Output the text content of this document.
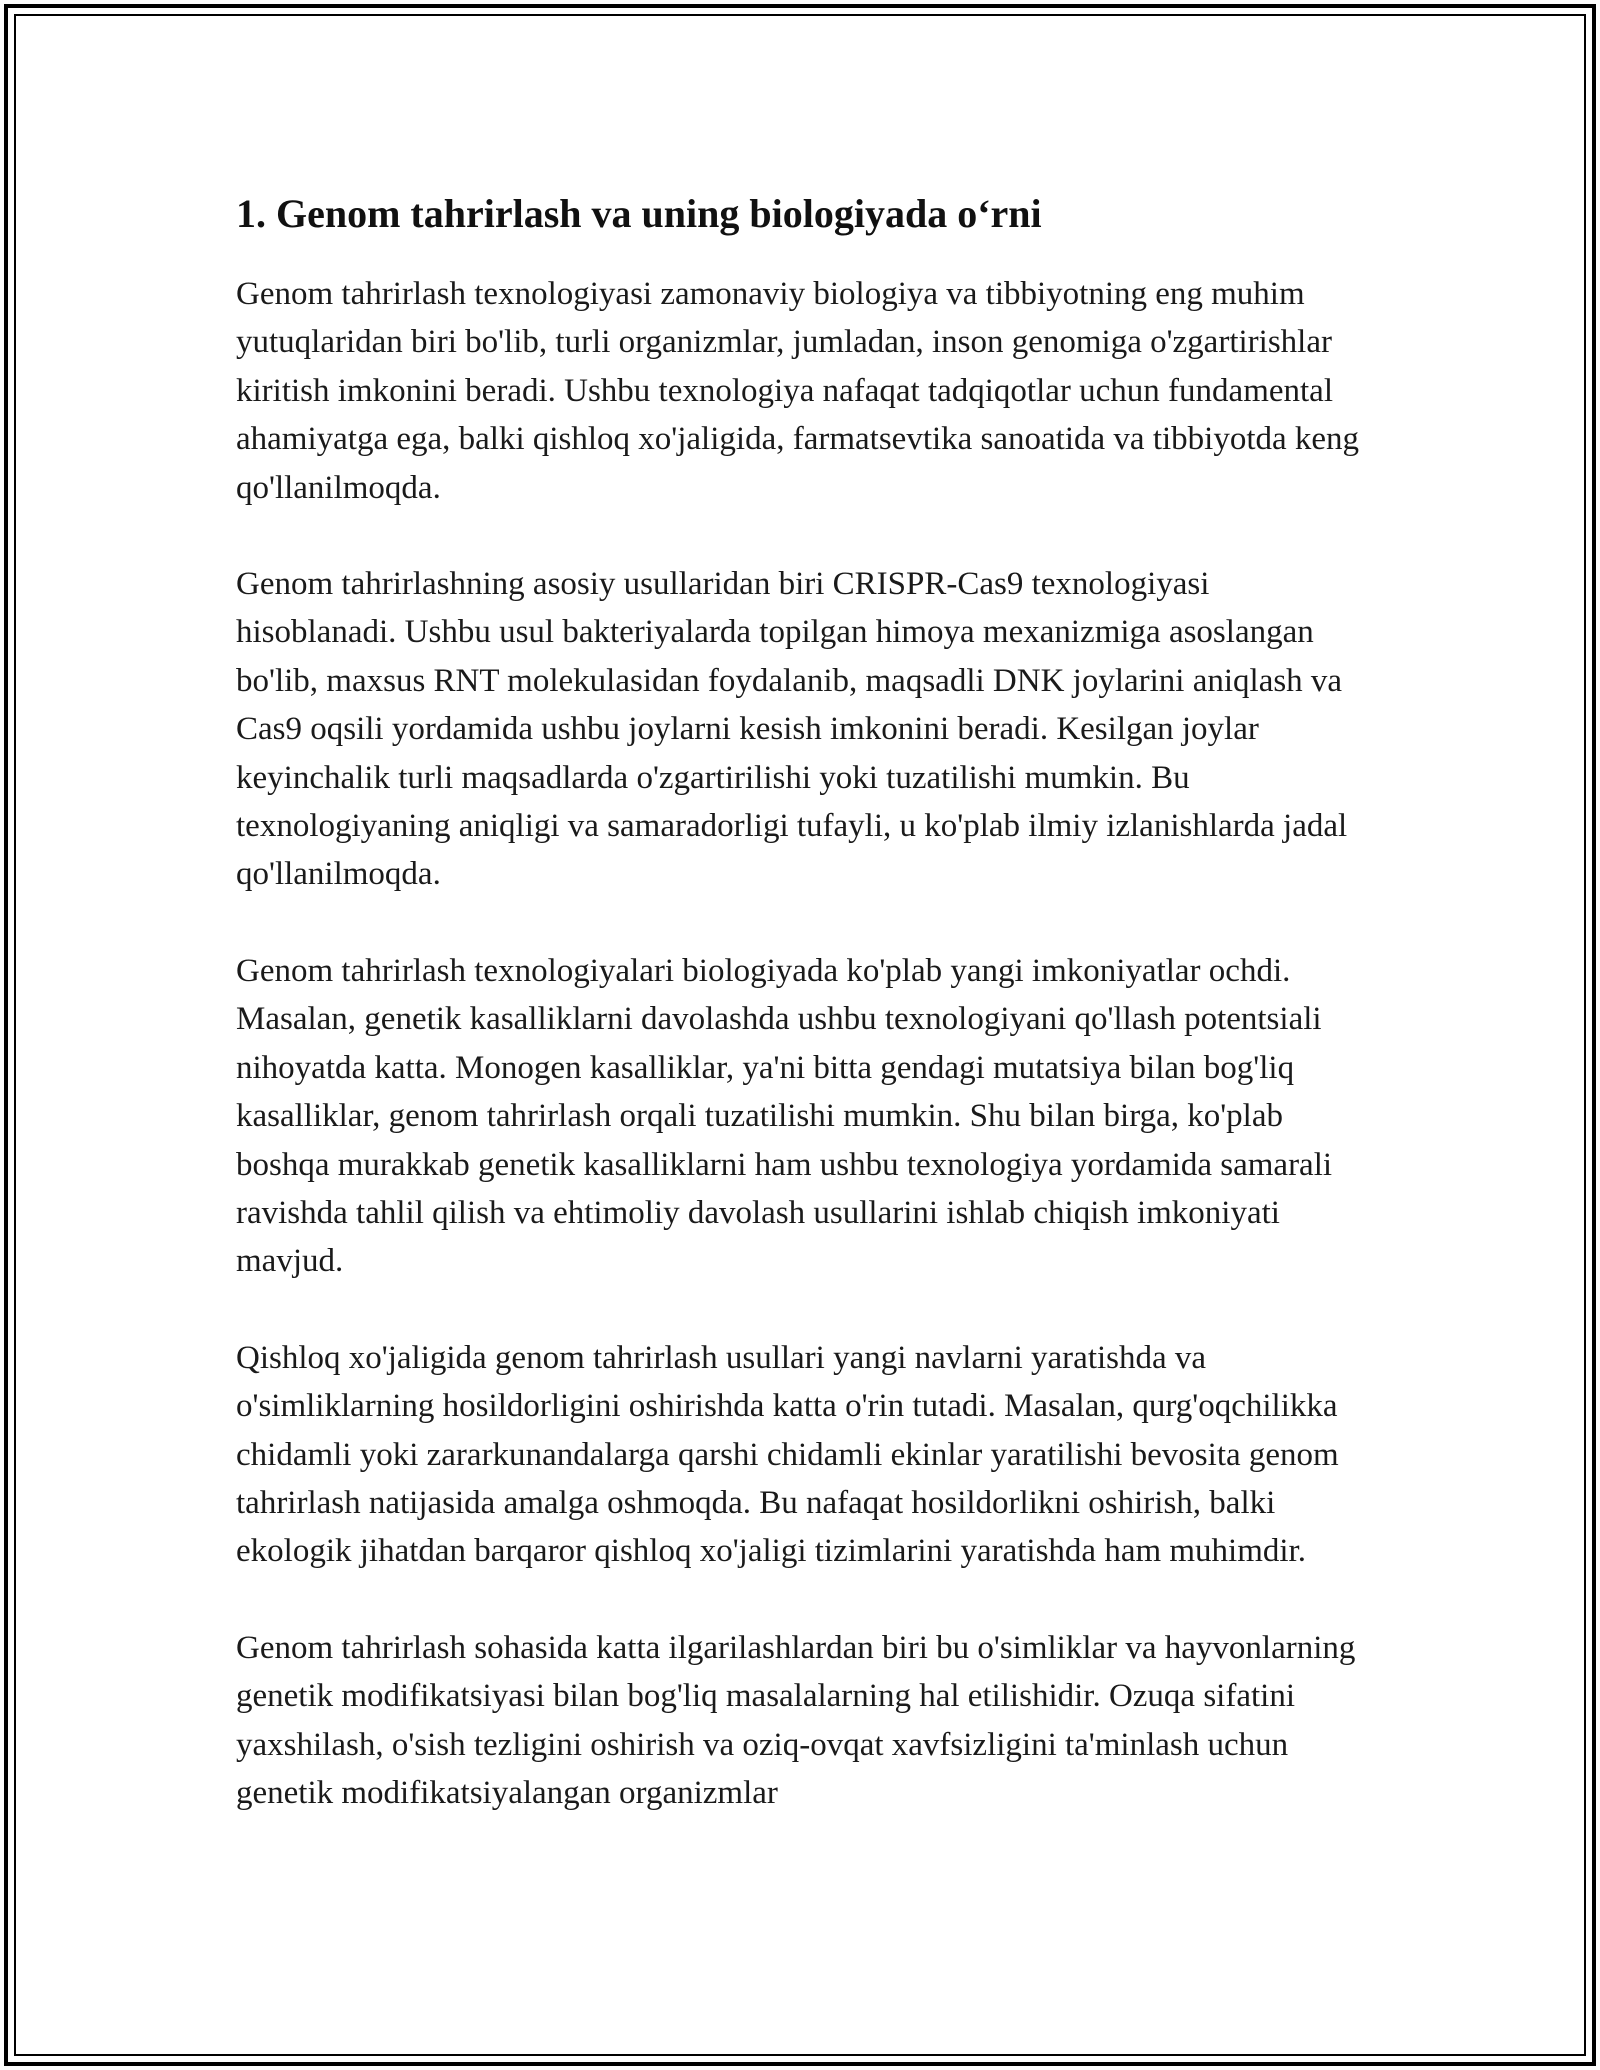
1. Genom tahrirlash va uning biologiyada o‘rni

Genom tahrirlash texnologiyasi zamonaviy biologiya va tibbiyotning eng muhim yutuqlaridan biri bo'lib, turli organizmlar, jumladan, inson genomiga o'zgartirishlar kiritish imkonini beradi. Ushbu texnologiya nafaqat tadqiqotlar uchun fundamental ahamiyatga ega, balki qishloq xo'jaligida, farmatsevtika sanoatida va tibbiyotda keng qo'llanilmoqda.

Genom tahrirlashning asosiy usullaridan biri CRISPR-Cas9 texnologiyasi hisoblanadi. Ushbu usul bakteriyalarda topilgan himoya mexanizmiga asoslangan bo'lib, maxsus RNT molekulasidan foydalanib, maqsadli DNK joylarini aniqlash va Cas9 oqsili yordamida ushbu joylarni kesish imkonini beradi. Kesilgan joylar keyinchalik turli maqsadlarda o'zgartirilishi yoki tuzatilishi mumkin. Bu texnologiyaning aniqligi va samaradorligi tufayli, u ko'plab ilmiy izlanishlarda jadal qo'llanilmoqda.

Genom tahrirlash texnologiyalari biologiyada ko'plab yangi imkoniyatlar ochdi. Masalan, genetik kasalliklarni davolashda ushbu texnologiyani qo'llash potentsiali nihoyatda katta. Monogen kasalliklar, ya'ni bitta gendagi mutatsiya bilan bog'liq kasalliklar, genom tahrirlash orqali tuzatilishi mumkin. Shu bilan birga, ko'plab boshqa murakkab genetik kasalliklarni ham ushbu texnologiya yordamida samarali ravishda tahlil qilish va ehtimoliy davolash usullarini ishlab chiqish imkoniyati mavjud.

Qishloq xo'jaligida genom tahrirlash usullari yangi navlarni yaratishda va o'simliklarning hosildorligini oshirishda katta o'rin tutadi. Masalan, qurg'oqchilikka chidamli yoki zararkunandalarga qarshi chidamli ekinlar yaratilishi bevosita genom tahrirlash natijasida amalga oshmoqda. Bu nafaqat hosildorlikni oshirish, balki ekologik jihatdan barqaror qishloq xo'jaligi tizimlarini yaratishda ham muhimdir.

Genom tahrirlash sohasida katta ilgarilashlardan biri bu o'simliklar va hayvonlarning genetik modifikatsiyasi bilan bog'liq masalalarning hal etilishidir. Ozuqa sifatini yaxshilash, o'sish tezligini oshirish va oziq-ovqat xavfsizligini ta'minlash uchun genetik modifikatsiyalangan organizmlar
